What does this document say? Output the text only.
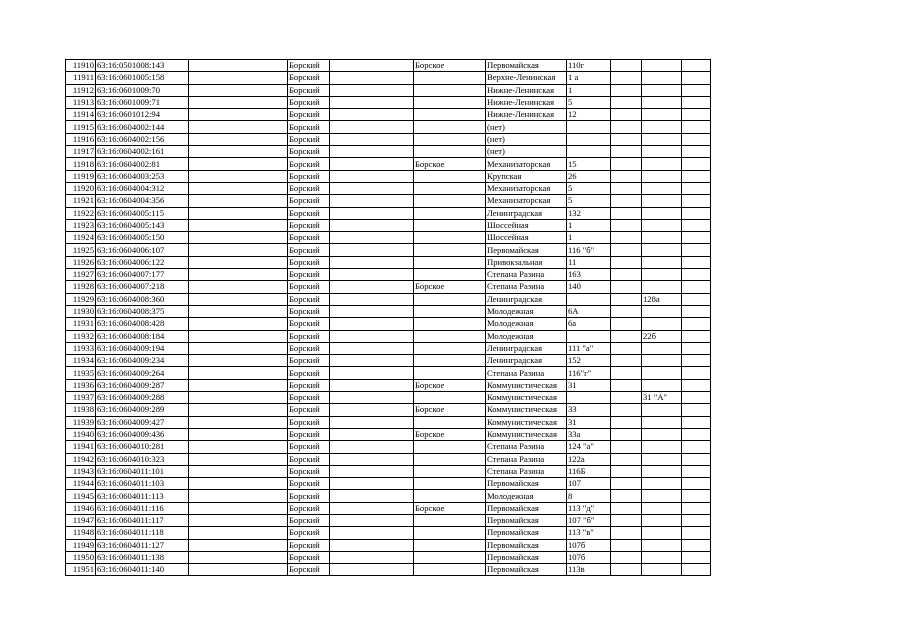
11910	63:16:0501008:143		Борский		Борское	Первомайская	110г			
11911	63:16:0601005:158		Борский			Верхне-Ленинская	1 а			
11912	63:16:0601009:70		Борский			Нижне-Ленинская	1			
11913	63:16:0601009:71		Борский			Нижне-Ленинская	5			
11914	63:16:0601012:94		Борский			Нижне-Ленинская	12			
11915	63:16:0604002:144		Борский			(нет)				
11916	63:16:0604002:156		Борский			(нет)				
11917	63:16:0604002:161		Борский			(нет)				
11918	63:16:0604002:81		Борский		Борское	Механизаторская	15			
11919	63:16:0604003:253		Борский			Крупская	26			
11920	63:16:0604004:312		Борский			Механизаторская	5			
11921	63:16:0604004:356		Борский			Механизаторская	5			
11922	63:16:0604005:115		Борский			Ленинградская	132			
11923	63:16:0604005:143		Борский			Шоссейная	1			
11924	63:16:0604005:150		Борский			Шоссейная	1			
11925	63:16:0604006:107		Борский			Первомайская	116 "б"			
11926	63:16:0604006:122		Борский			Привокзальная	11			
11927	63:16:0604007:177		Борский			Степана Разина	163			
11928	63:16:0604007:218		Борский		Борское	Степана Разина	140			
11929	63:16:0604008:360		Борский			Ленинградская			128а	
11930	63:16:0604008:375		Борский			Молодежная	6А			
11931	63:16:0604008:428		Борский			Молодежная	6а			
11932	63:16:0604008:184		Борский			Молодежная			22б	
11933	63:16:0604009:194		Борский			Ленинградская	111 "а"			
11934	63:16:0604009:234		Борский			Ленинградская	152			
11935	63:16:0604009:264		Борский			Степана Разина	116"г"			
11936	63:16:0604009:287		Борский		Борское	Коммунистическая	31			
11937	63:16:0604009:288		Борский			Коммунистическая			31 "А"	
11938	63:16:0604009:289		Борский		Борское	Коммунистическая	33			
11939	63:16:0604009:427		Борский			Коммунистическая	31			
11940	63:16:0604009:436		Борский		Борское	Коммунистическая	33а			
11941	63:16:0604010:281		Борский			Степана Разина	124 "а"			
11942	63:16:0604010:323		Борский			Степана Разина	122а			
11943	63:16:0604011:101		Борский			Степана Разина	116Б			
11944	63:16:0604011:103		Борский			Первомайская	107			
11945	63:16:0604011:113		Борский			Молодежная	8			
11946	63:16:0604011:116		Борский		Борское	Первомайская	113 "д"			
11947	63:16:0604011:117		Борский			Первомайская	107 "б"			
11948	63:16:0604011:118		Борский			Первомайская	113 "в"			
11949	63:16:0604011:127		Борский			Первомайская	107б			
11950	63:16:0604011:138		Борский			Первомайская	107б			
11951	63:16:0604011:140		Борский			Первомайская	113в			
